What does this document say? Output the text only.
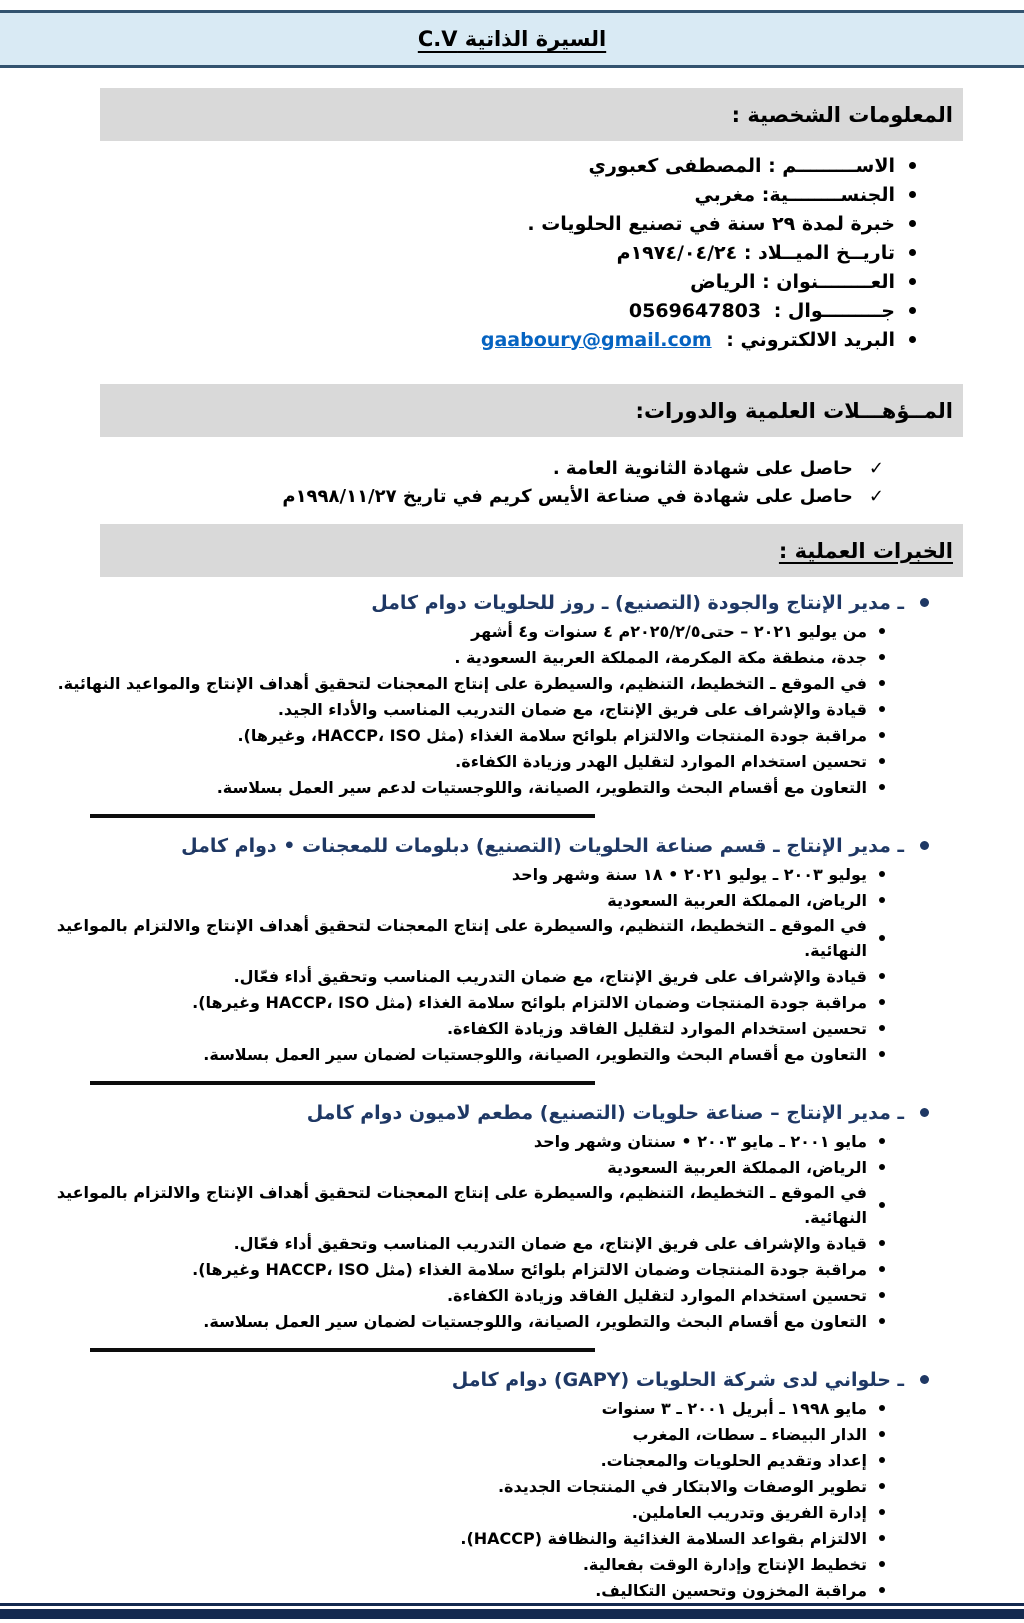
السيرة الذاتية C.V
المعلومات الشخصية :
الاســـــــــم : المصطفى كعبوري
الجنســــــــية: مغربي
خبرة لمدة ٢٩ سنة في تصنيع الحلويات .
تاريــخ الميــلاد : ١٩٧٤/٠٤/٢٤م
العــــــــنوان : الرياض
جـــــــــوال :
0569647803
البريد الالكتروني :
gaaboury@gmail.com
المــؤهـــلات العلمية والدورات:
✓
حاصل على شهادة الثانوية العامة .
✓
حاصل على شهادة في صناعة الأيس كريم في تاريخ ١٩٩٨/١١/٢٧م
الخبرات العملية :
ـ مدير الإنتاج والجودة (التصنيع) ـ روز للحلويات دوام كامل
من يوليو ٢٠٢١ – حتى٢٠٢٥/٢/٥م ٤ سنوات و٤ أشهر
جدة، منطقة مكة المكرمة، المملكة العربية السعودية .
في الموقع ـ التخطيط، التنظيم، والسيطرة على إنتاج المعجنات لتحقيق أهداف الإنتاج والمواعيد النهائية.
قيادة والإشراف على فريق الإنتاج، مع ضمان التدريب المناسب والأداء الجيد.
مراقبة جودة المنتجات والالتزام بلوائح سلامة الغذاء (مثل HACCP، ISO، وغيرها).
تحسين استخدام الموارد لتقليل الهدر وزيادة الكفاءة.
التعاون مع أقسام البحث والتطوير، الصيانة، واللوجستيات لدعم سير العمل بسلاسة.
ـ مدير الإنتاج ـ قسم صناعة الحلويات (التصنيع) دبلومات للمعجنات • دوام كامل
يوليو ٢٠٠٣ ـ يوليو ٢٠٢١ • ١٨ سنة وشهر واحد
الرياض، المملكة العربية السعودية
في الموقع ـ التخطيط، التنظيم، والسيطرة على إنتاج المعجنات لتحقيق أهداف الإنتاج والالتزام بالمواعيد النهائية.
قيادة والإشراف على فريق الإنتاج، مع ضمان التدريب المناسب وتحقيق أداء فعّال.
مراقبة جودة المنتجات وضمان الالتزام بلوائح سلامة الغذاء (مثل HACCP، ISO وغيرها).
تحسين استخدام الموارد لتقليل الفاقد وزيادة الكفاءة.
التعاون مع أقسام البحث والتطوير، الصيانة، واللوجستيات لضمان سير العمل بسلاسة.
ـ مدير الإنتاج – صناعة حلويات (التصنيع) مطعم لاميون دوام كامل
مايو ٢٠٠١ ـ مايو ٢٠٠٣ • سنتان وشهر واحد
الرياض، المملكة العربية السعودية
في الموقع ـ التخطيط، التنظيم، والسيطرة على إنتاج المعجنات لتحقيق أهداف الإنتاج والالتزام بالمواعيد النهائية.
قيادة والإشراف على فريق الإنتاج، مع ضمان التدريب المناسب وتحقيق أداء فعّال.
مراقبة جودة المنتجات وضمان الالتزام بلوائح سلامة الغذاء (مثل HACCP، ISO وغيرها).
تحسين استخدام الموارد لتقليل الفاقد وزيادة الكفاءة.
التعاون مع أقسام البحث والتطوير، الصيانة، واللوجستيات لضمان سير العمل بسلاسة.
ـ حلواني لدى شركة الحلويات (GAPY) دوام كامل
مايو ١٩٩٨ ـ أبريل ٢٠٠١ ـ ٣ سنوات
الدار البيضاء ـ سطات، المغرب
إعداد وتقديم الحلويات والمعجنات.
تطوير الوصفات والابتكار في المنتجات الجديدة.
إدارة الفريق وتدريب العاملين.
الالتزام بقواعد السلامة الغذائية والنظافة (HACCP).
تخطيط الإنتاج وإدارة الوقت بفعالية.
مراقبة المخزون وتحسين التكاليف.
